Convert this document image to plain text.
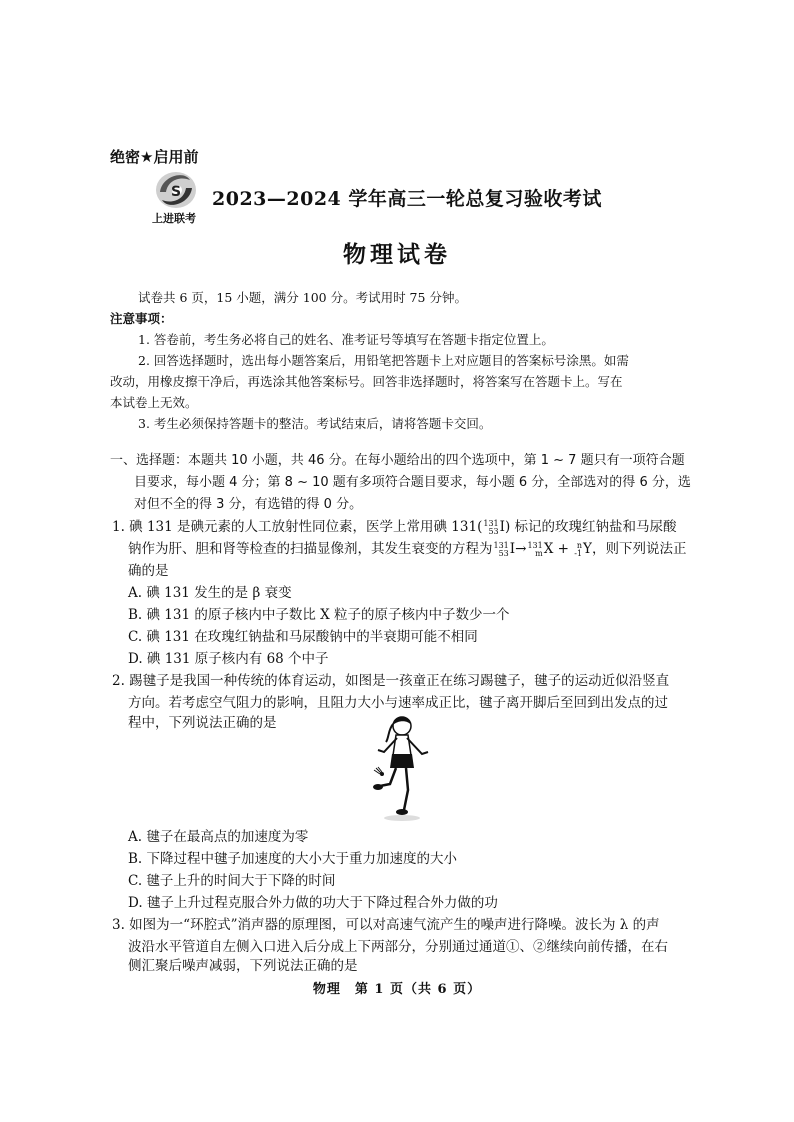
绝密★启用前
S
上进联考
2023—2024 学年高三一轮总复习验收考试
物理试卷
试卷共 6 页，15 小题，满分 100 分。考试用时 75 分钟。
注意事项：
1. 答卷前，考生务必将自己的姓名、准考证号等填写在答题卡指定位置上。
2. 回答选择题时，选出每小题答案后，用铅笔把答题卡上对应题目的答案标号涂黑。如需
改动，用橡皮擦干净后，再选涂其他答案标号。回答非选择题时，将答案写在答题卡上。写在
本试卷上无效。
3. 考生必须保持答题卡的整洁。考试结束后，请将答题卡交回。
一、选择题：本题共 10 小题，共 46 分。在每小题给出的四个选项中，第 1 ~ 7 题只有一项符合题
目要求，每小题 4 分；第 8 ~ 10 题有多项符合题目要求，每小题 6 分，全部选对的得 6 分，选
对但不全的得 3 分，有选错的得 0 分。
1. 碘 131 是碘元素的人工放射性同位素，医学上常用碘 131(131
53I) 标记的玫瑰红钠盐和马尿酸
钠作为肝、胆和肾等检查的扫描显像剂，其发生衰变的方程为131
53I→131
mX + n
-1Y，则下列说法正
确的是
A. 碘 131 发生的是 β 衰变
B. 碘 131 的原子核内中子数比 X 粒子的原子核内中子数少一个
C. 碘 131 在玫瑰红钠盐和马尿酸钠中的半衰期可能不相同
D. 碘 131 原子核内有 68 个中子
2. 踢毽子是我国一种传统的体育运动，如图是一孩童正在练习踢毽子，毽子的运动近似沿竖直
方向。若考虑空气阻力的影响，且阻力大小与速率成正比，毽子离开脚后至回到出发点的过
程中，下列说法正确的是
A. 毽子在最高点的加速度为零
B. 下降过程中毽子加速度的大小大于重力加速度的大小
C. 毽子上升的时间大于下降的时间
D. 毽子上升过程克服合外力做的功大于下降过程合外力做的功
3. 如图为一“环腔式”消声器的原理图，可以对高速气流产生的噪声进行降噪。波长为 λ 的声
波沿水平管道自左侧入口进入后分成上下两部分，分别通过通道①、②继续向前传播，在右
侧汇聚后噪声减弱，下列说法正确的是
物理　第 1 页（共 6 页）
